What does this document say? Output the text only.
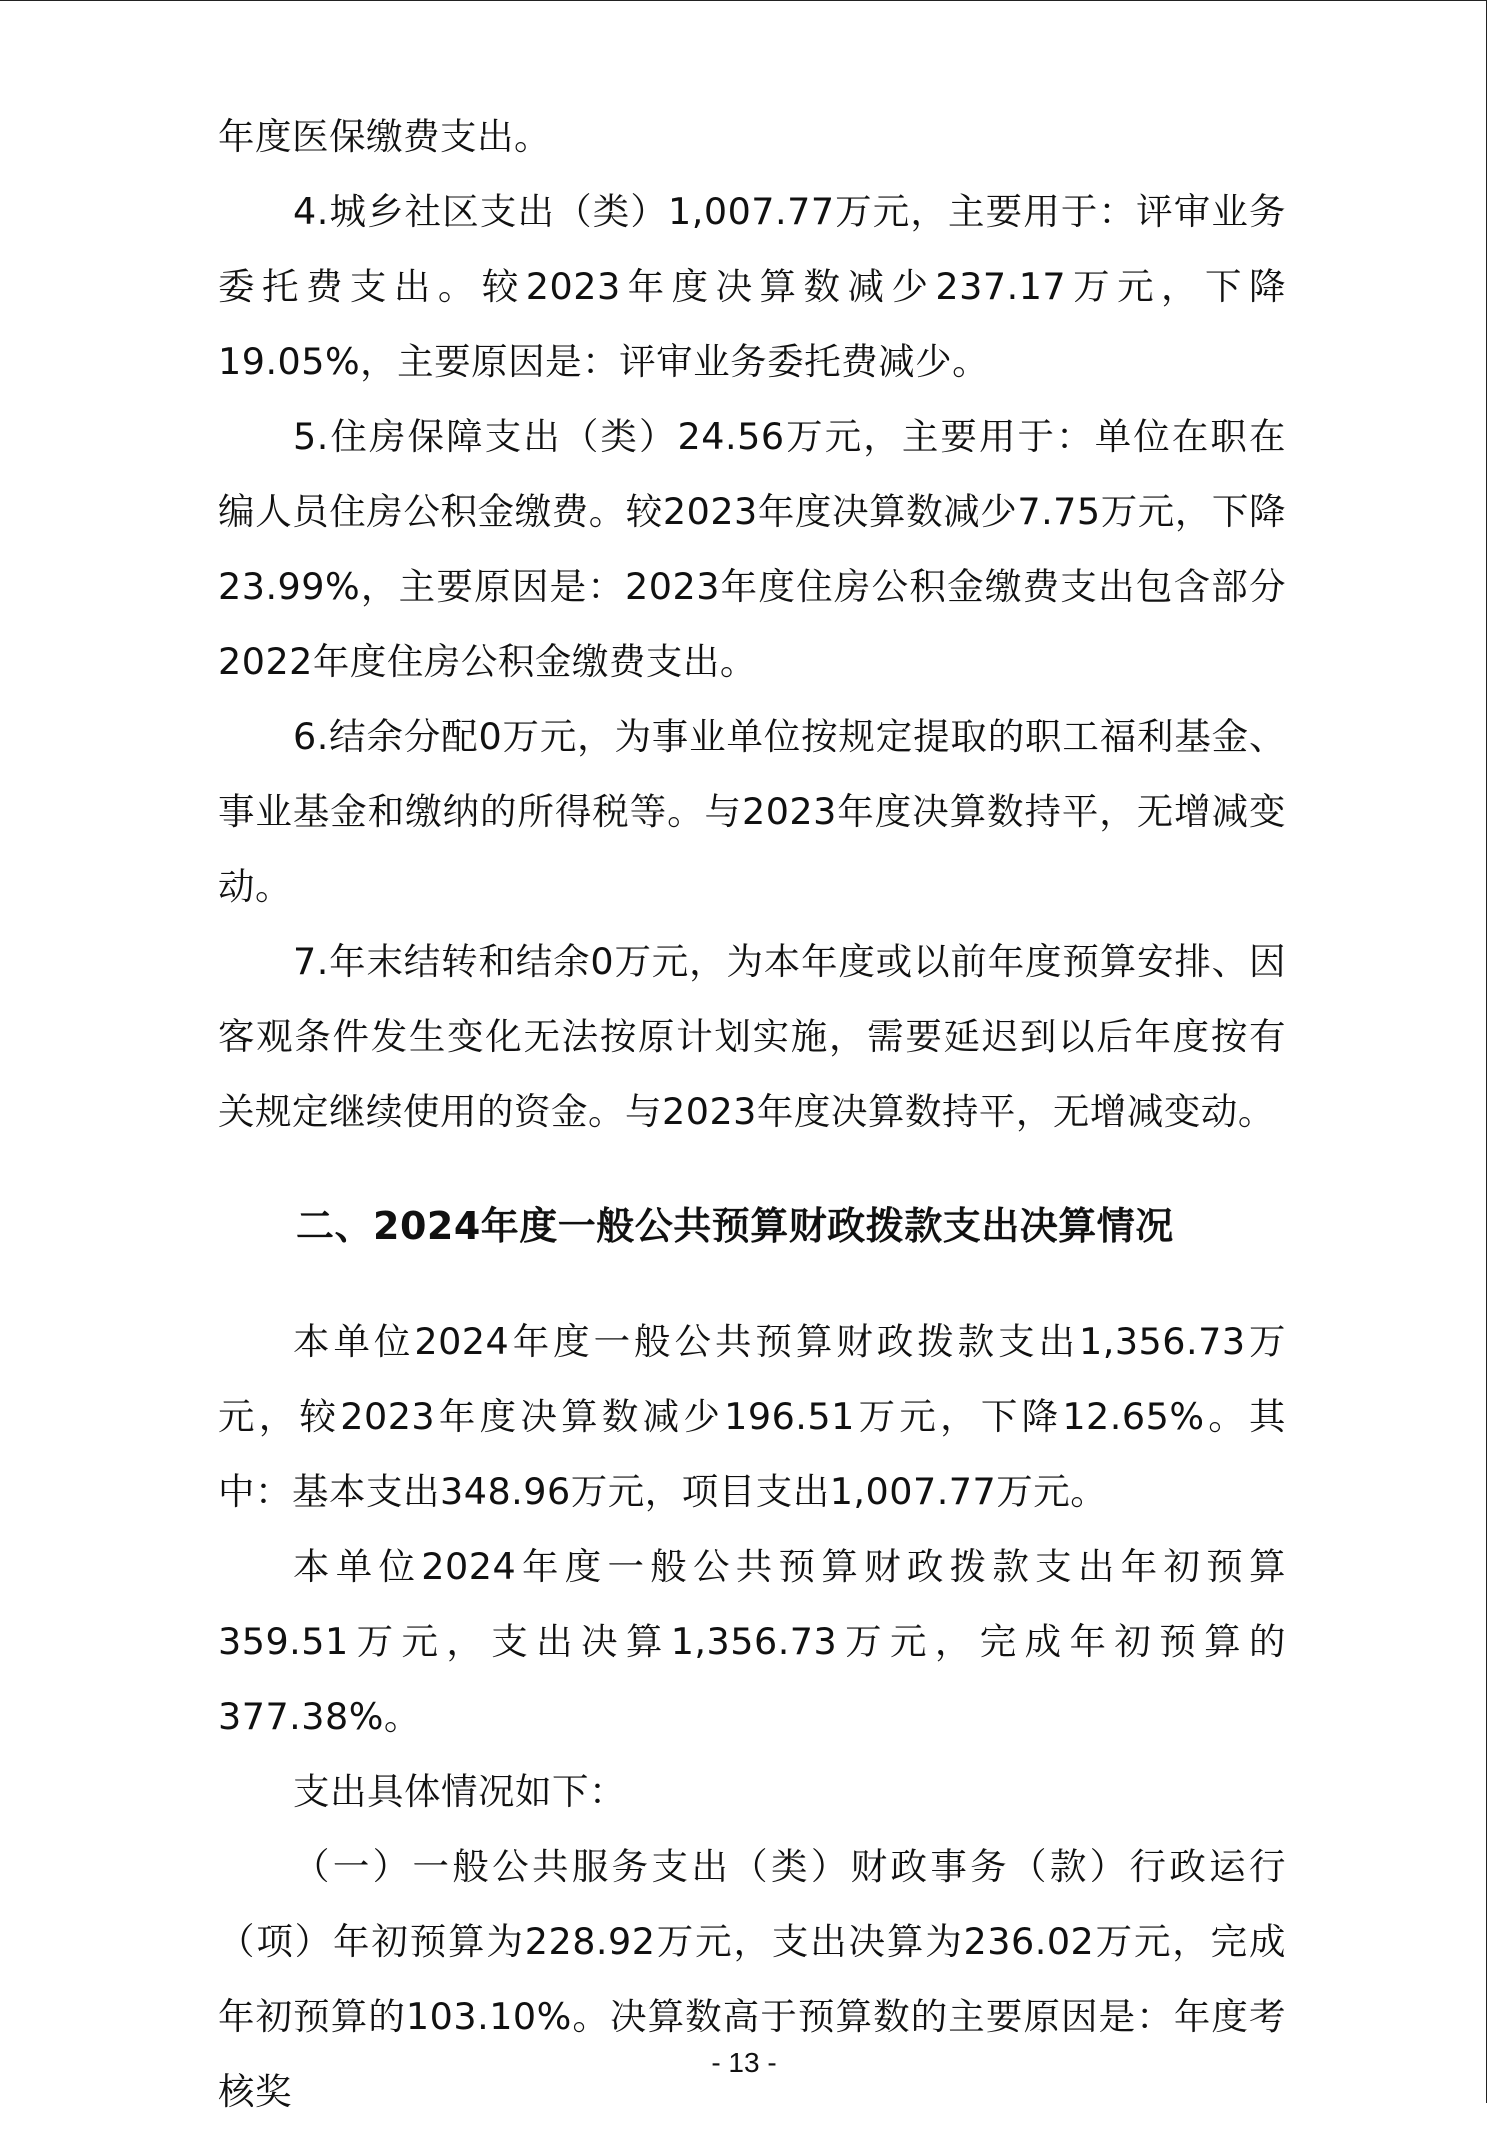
年度医保缴费支出。

4.城乡社区支出（类）1,007.77万元，主要用于：评审业务委托费支出。较2023年度决算数减少237.17万元，下降19.05%，主要原因是：评审业务委托费减少。

5.住房保障支出（类）24.56万元，主要用于：单位在职在编人员住房公积金缴费。较2023年度决算数减少7.75万元，下降23.99%，主要原因是：2023年度住房公积金缴费支出包含部分2022年度住房公积金缴费支出。

6.结余分配0万元，为事业单位按规定提取的职工福利基金、事业基金和缴纳的所得税等。与2023年度决算数持平，无增减变动。

7.年末结转和结余0万元，为本年度或以前年度预算安排、因客观条件发生变化无法按原计划实施，需要延迟到以后年度按有关规定继续使用的资金。与2023年度决算数持平，无增减变动。

二、2024年度一般公共预算财政拨款支出决算情况

本单位2024年度一般公共预算财政拨款支出1,356.73万元，较2023年度决算数减少196.51万元，下降12.65%。其中：基本支出348.96万元，项目支出1,007.77万元。

本单位2024年度一般公共预算财政拨款支出年初预算359.51万元，支出决算1,356.73万元，完成年初预算的377.38%。

支出具体情况如下：

（一）一般公共服务支出（类）财政事务（款）行政运行（项）年初预算为228.92万元，支出决算为236.02万元，完成年初预算的103.10%。决算数高于预算数的主要原因是：年度考核奖

- 13 -
